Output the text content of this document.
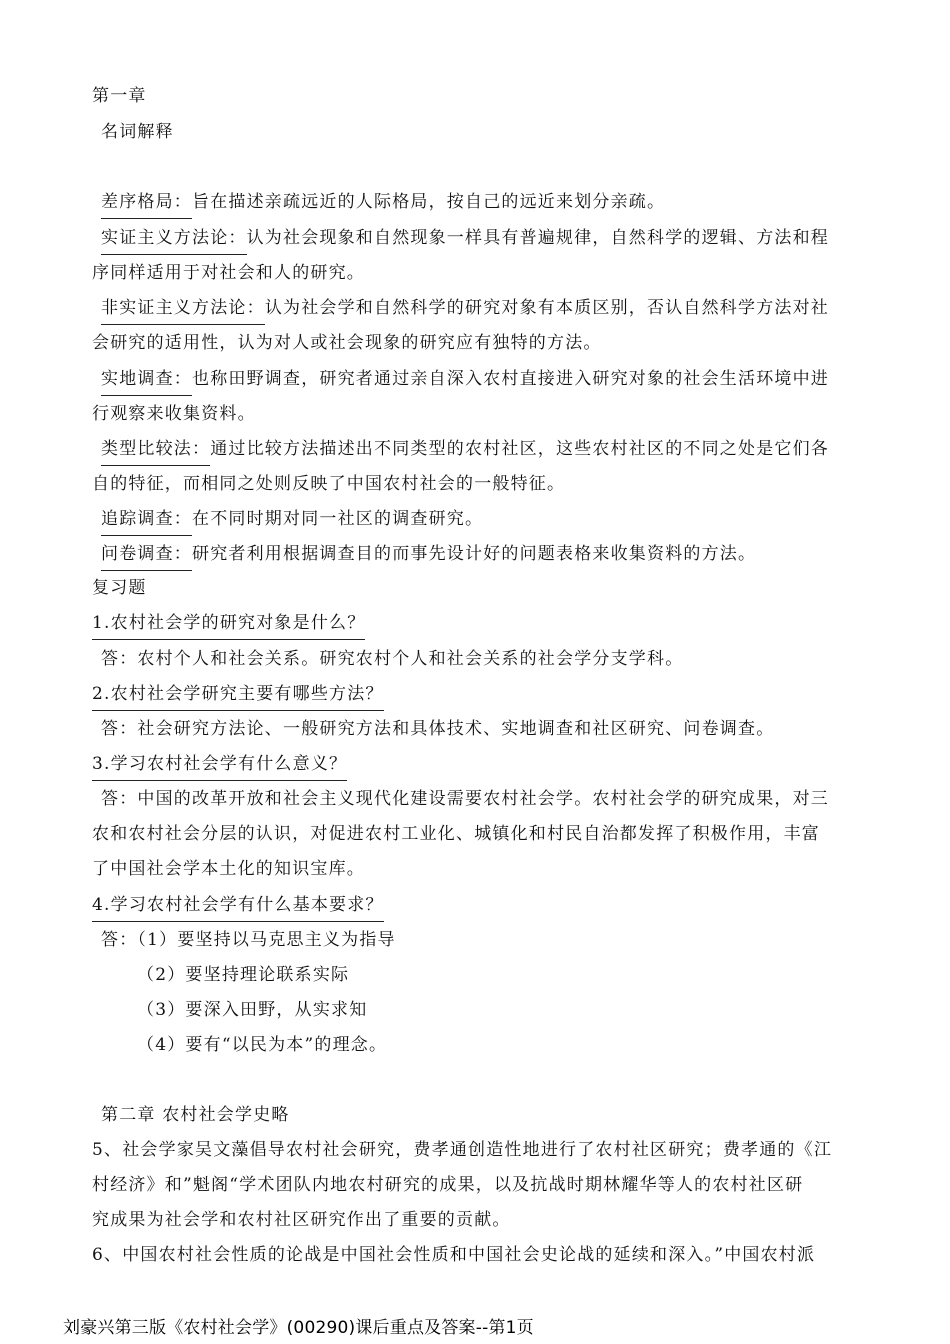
第一章
名词解释
差序格局：旨在描述亲疏远近的人际格局，按自己的远近来划分亲疏。
实证主义方法论：认为社会现象和自然现象一样具有普遍规律，自然科学的逻辑、方法和程
序同样适用于对社会和人的研究。
非实证主义方法论：认为社会学和自然科学的研究对象有本质区别，否认自然科学方法对社
会研究的适用性，认为对人或社会现象的研究应有独特的方法。
实地调查：也称田野调查，研究者通过亲自深入农村直接进入研究对象的社会生活环境中进
行观察来收集资料。
类型比较法：通过比较方法描述出不同类型的农村社区，这些农村社区的不同之处是它们各
自的特征，而相同之处则反映了中国农村社会的一般特征。
追踪调查：在不同时期对同一社区的调查研究。
问卷调查：研究者利用根据调查目的而事先设计好的问题表格来收集资料的方法。
复习题
1.农村社会学的研究对象是什么？
答：农村个人和社会关系。研究农村个人和社会关系的社会学分支学科。
2.农村社会学研究主要有哪些方法？
答：社会研究方法论、一般研究方法和具体技术、实地调查和社区研究、问卷调查。
3.学习农村社会学有什么意义？
答：中国的改革开放和社会主义现代化建设需要农村社会学。农村社会学的研究成果，对三
农和农村社会分层的认识，对促进农村工业化、城镇化和村民自治都发挥了积极作用，丰富
了中国社会学本土化的知识宝库。
4.学习农村社会学有什么基本要求？
答：（1）要坚持以马克思主义为指导
（2）要坚持理论联系实际
（3）要深入田野，从实求知
（4）要有“以民为本”的理念。
第二章 农村社会学史略
5、社会学家吴文藻倡导农村社会研究，费孝通创造性地进行了农村社区研究；费孝通的《江
村经济》和”魁阁“学术团队内地农村研究的成果，以及抗战时期林耀华等人的农村社区研
究成果为社会学和农村社区研究作出了重要的贡献。
6、中国农村社会性质的论战是中国社会性质和中国社会史论战的延续和深入。”中国农村派
刘豪兴第三版《农村社会学》(00290)课后重点及答案--第1页
